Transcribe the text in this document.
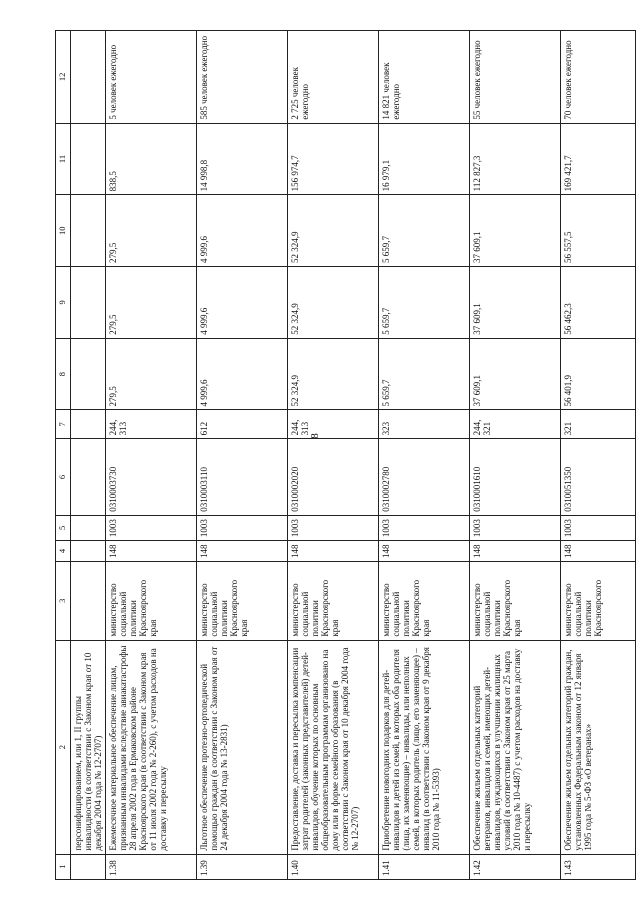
8
1	2	3	4	5	6	7	8	9	10	11	12
	персонифицированием, или 1, II группы инвалидности (в соответствии с Законом края от 10 декабря 2004 года № 12-2707)										
1.38	Ежемесячное материальное обеспечение лицам, признанным инвалидами вследствие авиакатастрофы 28 апреля 2002 года в Ермаковском районе Красноярского края (в соответствии с Законом края от 11 июля 2002 года № 2-260), с учетом расходов на доставку и пересылку	министерство социальной политики Красноярского края	148	1003	0310003730	244, 313	279,5	279,5	279,5	838,5	5 человек ежегодно
1.39	Льготное обеспечение протезно-ортопедической помощью граждан (в соответствии с Законом края от 24 декабря 2004 года № 13-2831)	министерство социальной политики Красноярского края	148	1003	0310003110	612	4 999,6	4 999,6	4 999,6	14 998,8	585 человек ежегодно
1.40	Предоставление, доставка и пересылка компенсации затрат родителей (законных представителей) детей-инвалидов, обучение которых по основным общеобразовательным программам организовано на дому или в форме семейного образования (в соответствии с Законом края от 10 декабря 2004 года № 12-2707)	министерство социальной политики Красноярского края	148	1003	0310002020	244, 313	52 324,9	52 324,9	52 324,9	156 974,7	2 725 человек ежегодно
1.41	Приобретение новогодних подарков для детей-инвалидов и детей из семей, в которых оба родителя (лица, их заменяющие) – инвалиды, или неполных семей, в которых родитель (лицо, его заменяющее) – инвалид (в соответствии с Законом края от 9 декабря 2010 года № 11-5393)	министерство социальной политики Красноярского края	148	1003	0310002780	323	5 659,7	5 659,7	5 659,7	16 979,1	14 821 человек ежегодно
1.42	Обеспечение жильем отдельных категорий ветеранов, инвалидов и семей, имеющих детей-инвалидов, нуждающихся в улучшении жилищных условий (в соответствии с Законом края от 25 марта 2010 года № 10-4487) с учетом расходов на доставку и пересылку	министерство социальной политики Красноярского края	148	1003	0310001610	244, 321	37 609,1	37 609,1	37 609,1	112 827,3	55 человек ежегодно
1.43	Обеспечение жильем отдельных категорий граждан, установленных Федеральным законом от 12 января 1995 года № 5-ФЗ «О ветеранах»	министерство социальной политики Красноярского	148	1003	0310051350	321	56 401,9	56 462,3	56 557,5	169 421,7	70 человек ежегодно
